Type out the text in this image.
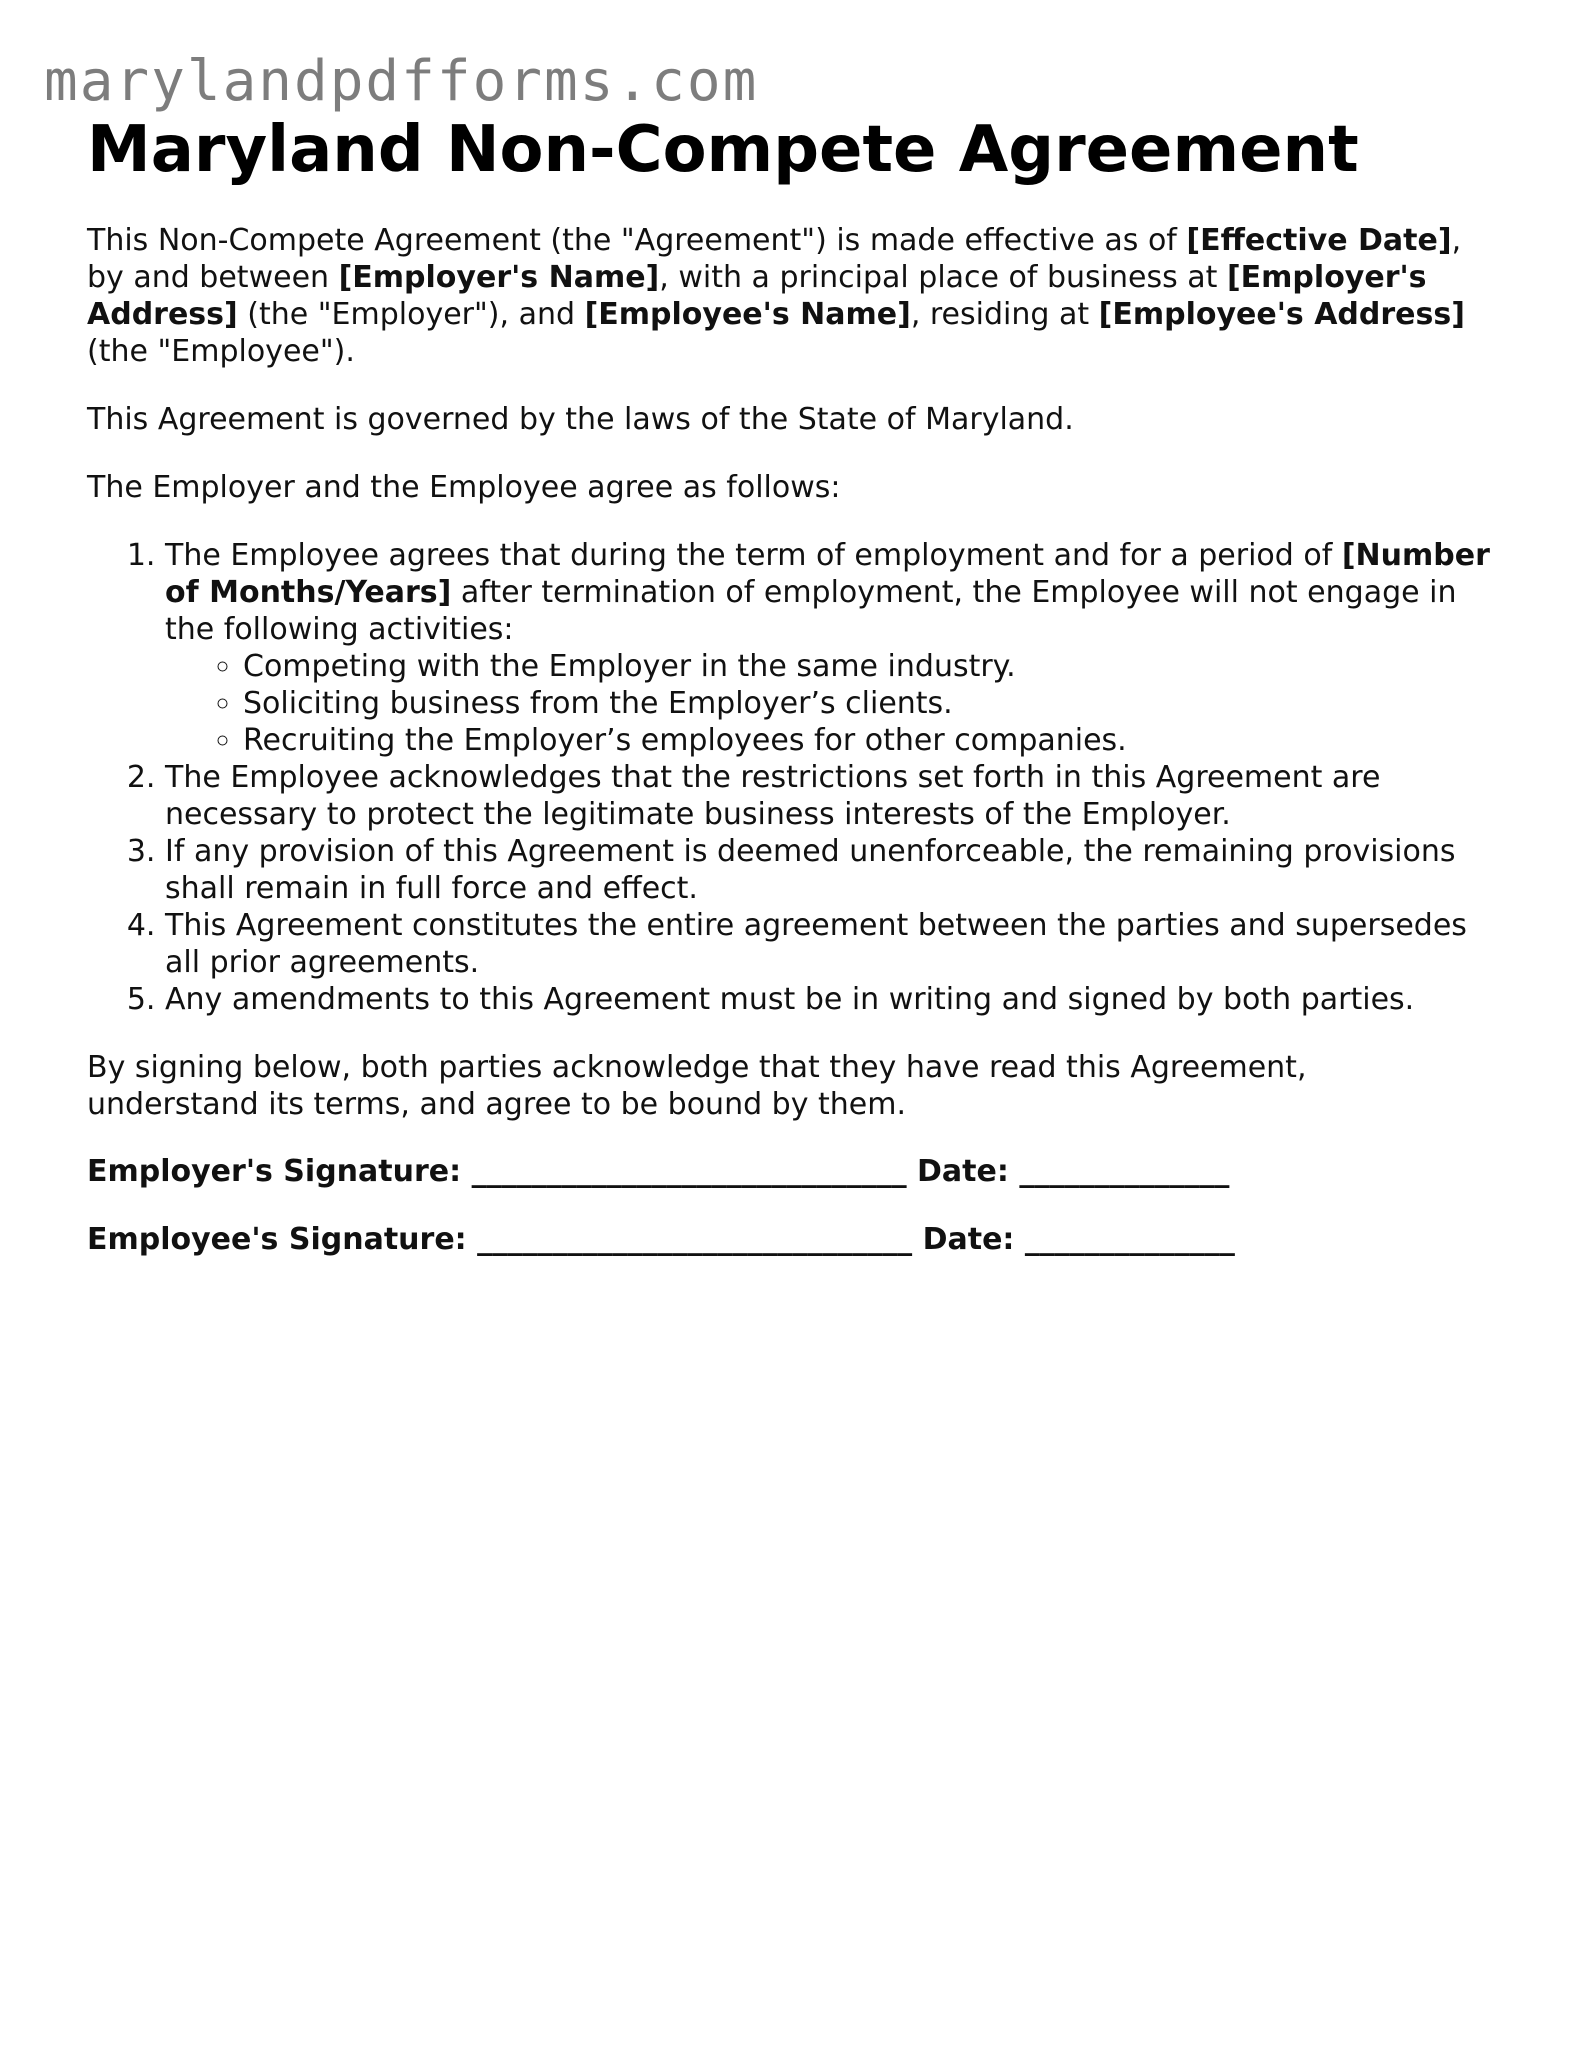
marylandpdfforms.com
Maryland Non-Compete Agreement

This Non-Compete Agreement (the "Agreement") is made effective as of [Effective Date], by and between [Employer's Name], with a principal place of business at [Employer's Address] (the "Employer"), and [Employee's Name], residing at [Employee's Address] (the "Employee").

This Agreement is governed by the laws of the State of Maryland.

The Employer and the Employee agree as follows:

1. The Employee agrees that during the term of employment and for a period of [Number of Months/Years] after termination of employment, the Employee will not engage in the following activities:
◦ Competing with the Employer in the same industry.
◦ Soliciting business from the Employer’s clients.
◦ Recruiting the Employer’s employees for other companies.
2. The Employee acknowledges that the restrictions set forth in this Agreement are necessary to protect the legitimate business interests of the Employer.
3. If any provision of this Agreement is deemed unenforceable, the remaining provisions shall remain in full force and effect.
4. This Agreement constitutes the entire agreement between the parties and supersedes all prior agreements.
5. Any amendments to this Agreement must be in writing and signed by both parties.

By signing below, both parties acknowledge that they have read this Agreement, understand its terms, and agree to be bound by them.

Employer's Signature: _____________________________ Date: ______________
Employee's Signature: _____________________________ Date: ______________
